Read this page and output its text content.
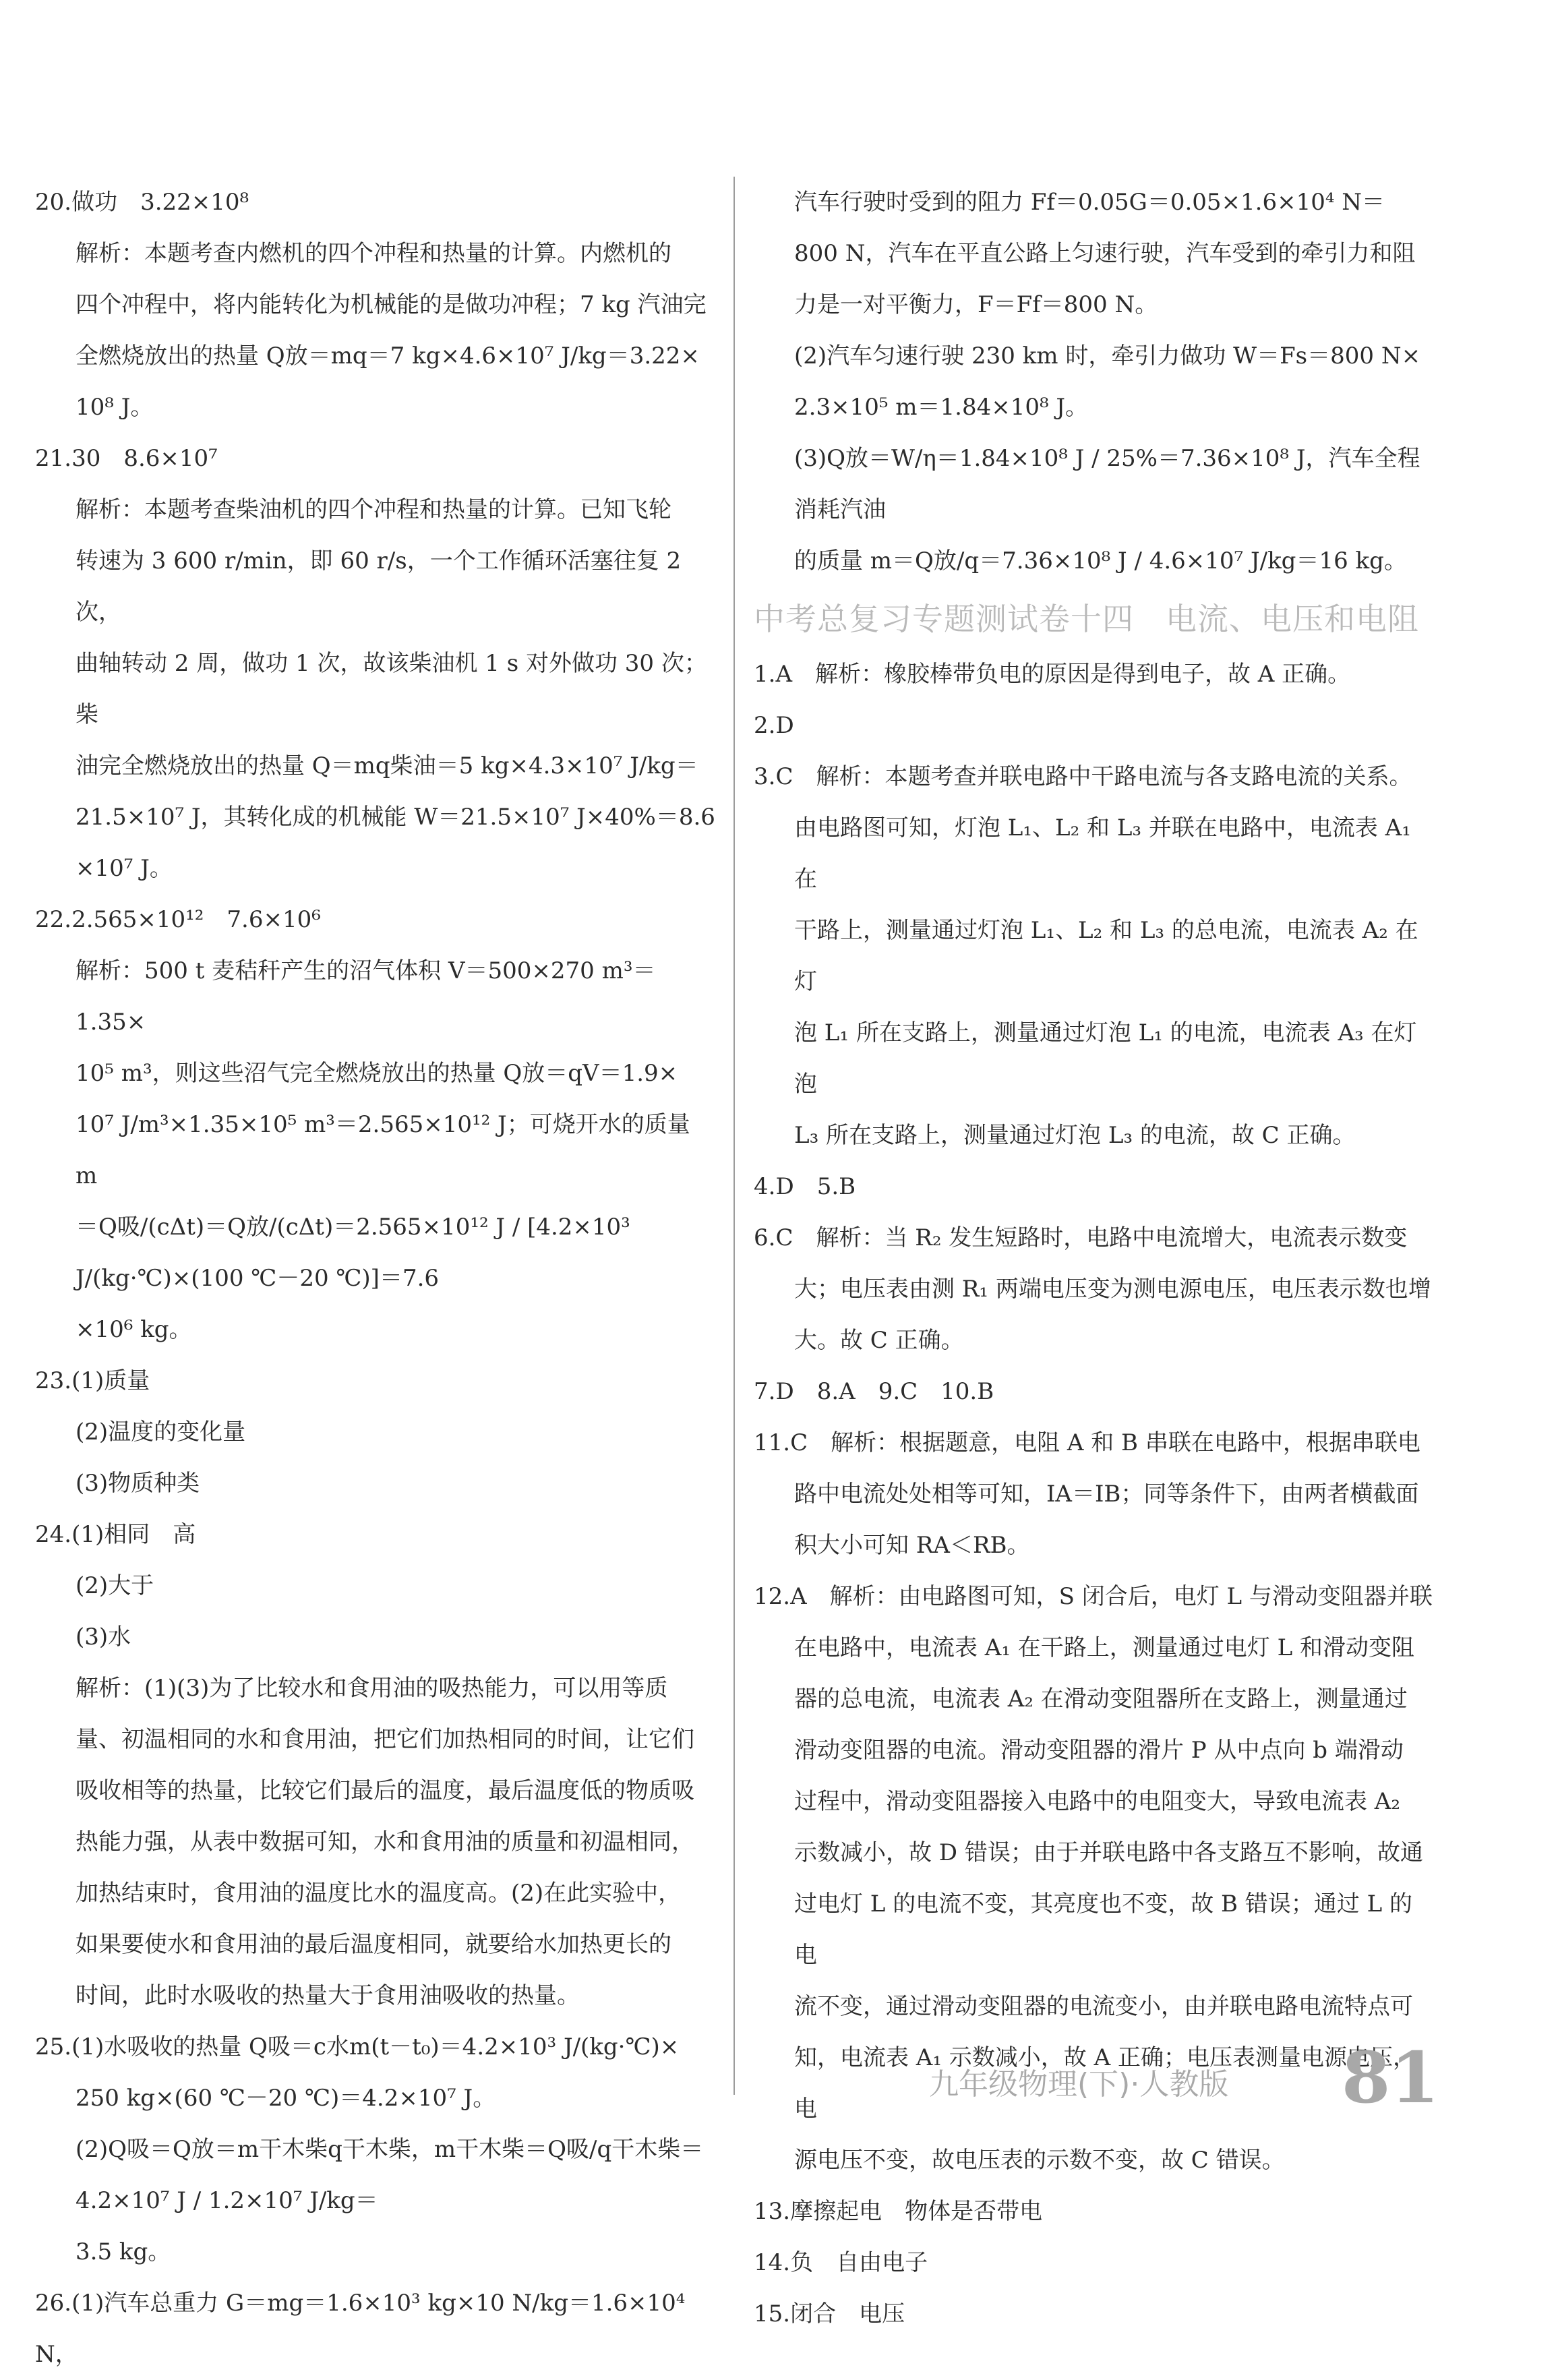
20.做功　3.22×10⁸
解析：本题考查内燃机的四个冲程和热量的计算。内燃机的
四个冲程中，将内能转化为机械能的是做功冲程；7 kg 汽油完
全燃烧放出的热量 Q放＝mq＝7 kg×4.6×10⁷ J/kg＝3.22×
10⁸ J。
21.30　8.6×10⁷
解析：本题考查柴油机的四个冲程和热量的计算。已知飞轮
转速为 3 600 r/min，即 60 r/s，一个工作循环活塞往复 2 次，
曲轴转动 2 周，做功 1 次，故该柴油机 1 s 对外做功 30 次；柴
油完全燃烧放出的热量 Q＝mq柴油＝5 kg×4.3×10⁷ J/kg＝
21.5×10⁷ J，其转化成的机械能 W＝21.5×10⁷ J×40%＝8.6
×10⁷ J。
22.2.565×10¹²　7.6×10⁶
解析：500 t 麦秸秆产生的沼气体积 V＝500×270 m³＝1.35×
10⁵ m³，则这些沼气完全燃烧放出的热量 Q放＝qV＝1.9×
10⁷ J/m³×1.35×10⁵ m³＝2.565×10¹² J；可烧开水的质量 m
＝Q吸/(cΔt)＝Q放/(cΔt)＝2.565×10¹² J / [4.2×10³ J/(kg·℃)×(100 ℃－20 ℃)]＝7.6
×10⁶ kg。
23.(1)质量
(2)温度的变化量
(3)物质种类
24.(1)相同　高
(2)大于
(3)水
解析：(1)(3)为了比较水和食用油的吸热能力，可以用等质
量、初温相同的水和食用油，把它们加热相同的时间，让它们
吸收相等的热量，比较它们最后的温度，最后温度低的物质吸
热能力强，从表中数据可知，水和食用油的质量和初温相同，
加热结束时，食用油的温度比水的温度高。(2)在此实验中，
如果要使水和食用油的最后温度相同，就要给水加热更长的
时间，此时水吸收的热量大于食用油吸收的热量。
25.(1)水吸收的热量 Q吸＝c水m(t－t₀)＝4.2×10³ J/(kg·℃)×
250 kg×(60 ℃－20 ℃)＝4.2×10⁷ J。
(2)Q吸＝Q放＝m干木柴q干木柴，m干木柴＝Q吸/q干木柴＝4.2×10⁷ J / 1.2×10⁷ J/kg＝
3.5 kg。
26.(1)汽车总重力 G＝mg＝1.6×10³ kg×10 N/kg＝1.6×10⁴ N，
汽车行驶时受到的阻力 Ff＝0.05G＝0.05×1.6×10⁴ N＝
800 N，汽车在平直公路上匀速行驶，汽车受到的牵引力和阻
力是一对平衡力，F＝Ff＝800 N。
(2)汽车匀速行驶 230 km 时，牵引力做功 W＝Fs＝800 N×
2.3×10⁵ m＝1.84×10⁸ J。
(3)Q放＝W/η＝1.84×10⁸ J / 25%＝7.36×10⁸ J，汽车全程消耗汽油
的质量 m＝Q放/q＝7.36×10⁸ J / 4.6×10⁷ J/kg＝16 kg。
中考总复习专题测试卷十四　电流、电压和电阻
1.A　解析：橡胶棒带负电的原因是得到电子，故 A 正确。
2.D
3.C　解析：本题考查并联电路中干路电流与各支路电流的关系。
由电路图可知，灯泡 L₁、L₂ 和 L₃ 并联在电路中，电流表 A₁ 在
干路上，测量通过灯泡 L₁、L₂ 和 L₃ 的总电流，电流表 A₂ 在灯
泡 L₁ 所在支路上，测量通过灯泡 L₁ 的电流，电流表 A₃ 在灯泡
L₃ 所在支路上，测量通过灯泡 L₃ 的电流，故 C 正确。
4.D　5.B
6.C　解析：当 R₂ 发生短路时，电路中电流增大，电流表示数变
大；电压表由测 R₁ 两端电压变为测电源电压，电压表示数也增
大。故 C 正确。
7.D　8.A　9.C　10.B
11.C　解析：根据题意，电阻 A 和 B 串联在电路中，根据串联电
路中电流处处相等可知，IA＝IB；同等条件下，由两者横截面
积大小可知 RA＜RB。
12.A　解析：由电路图可知，S 闭合后，电灯 L 与滑动变阻器并联
在电路中，电流表 A₁ 在干路上，测量通过电灯 L 和滑动变阻
器的总电流，电流表 A₂ 在滑动变阻器所在支路上，测量通过
滑动变阻器的电流。滑动变阻器的滑片 P 从中点向 b 端滑动
过程中，滑动变阻器接入电路中的电阻变大，导致电流表 A₂
示数减小，故 D 错误；由于并联电路中各支路互不影响，故通
过电灯 L 的电流不变，其亮度也不变，故 B 错误；通过 L 的电
流不变，通过滑动变阻器的电流变小，由并联电路电流特点可
知，电流表 A₁ 示数减小，故 A 正确；电压表测量电源电压，电
源电压不变，故电压表的示数不变，故 C 错误。
13.摩擦起电　物体是否带电
14.负　自由电子
15.闭合　电压
九年级物理(下)·人教版 81
